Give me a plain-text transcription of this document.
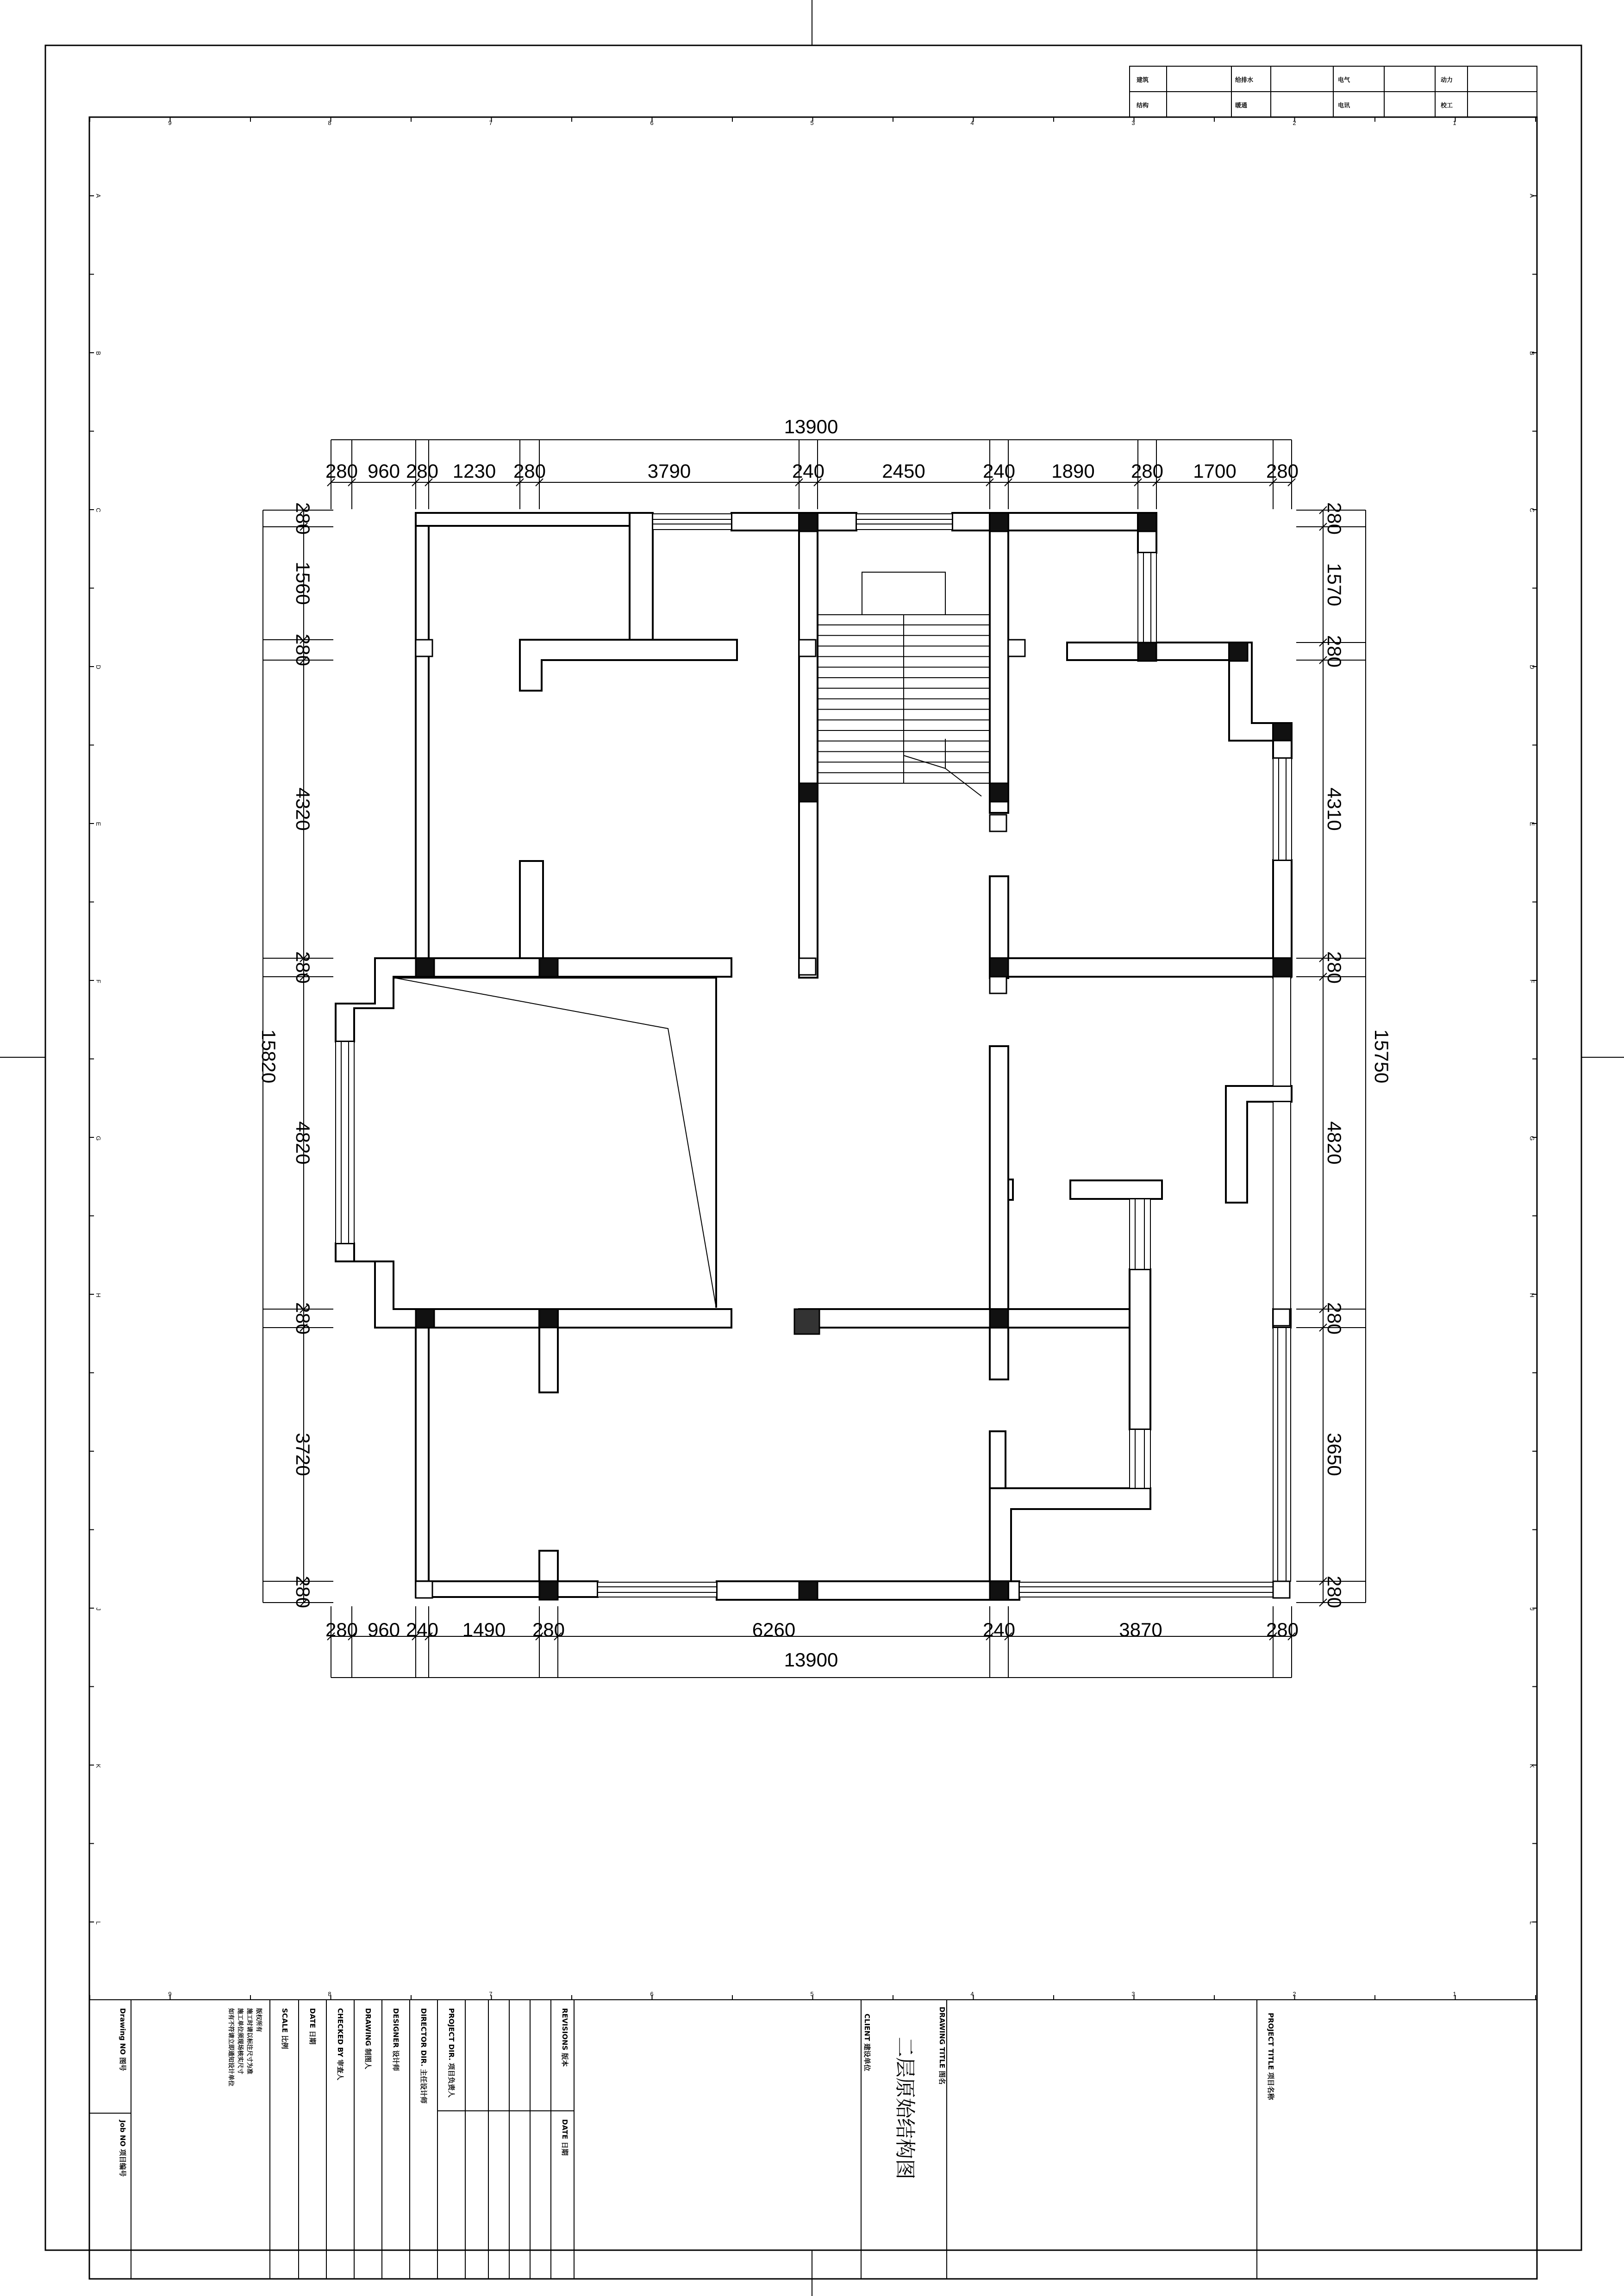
9	8	7	6	5	4	3	2	1
9	8	7	6	5	4	3	2	1
A
B
C
D
E
F
G
H
J
K
L
A
B
C
D
E
F
G
H
J
K
L
建筑	给排水	电气	动力
结构	暖通	电讯	校工
13900
13900
15820	15750
280 960 280 1230 280	3790	240	2450	240 1890 280 1700 280
280 960 240 1490 280	6260	240	3870	280
280
1560
280
4320
280
4820
280
3720
280
280
1570
280
4310
280
4820
280
3650
280
PROJECT TITLE 项目名称
DRAWING TITLE 图名
二层原始结构图
CLIENT 建设单位
REVISIONS 版本
DATE 日期
PROJECT DIR. 项目负责人
DIRECTOR DIR. 主任设计师
DESIGNER 设计师
DRAWING 制图人
CHECKED BY 审查人
DATE 日期
SCALE 比例
版权所有
施工时请以标注尺寸为准
施工单位须现场核实尺寸
如有不符请立即通知设计单位
Drawing NO 图号
Job NO 项目编号
